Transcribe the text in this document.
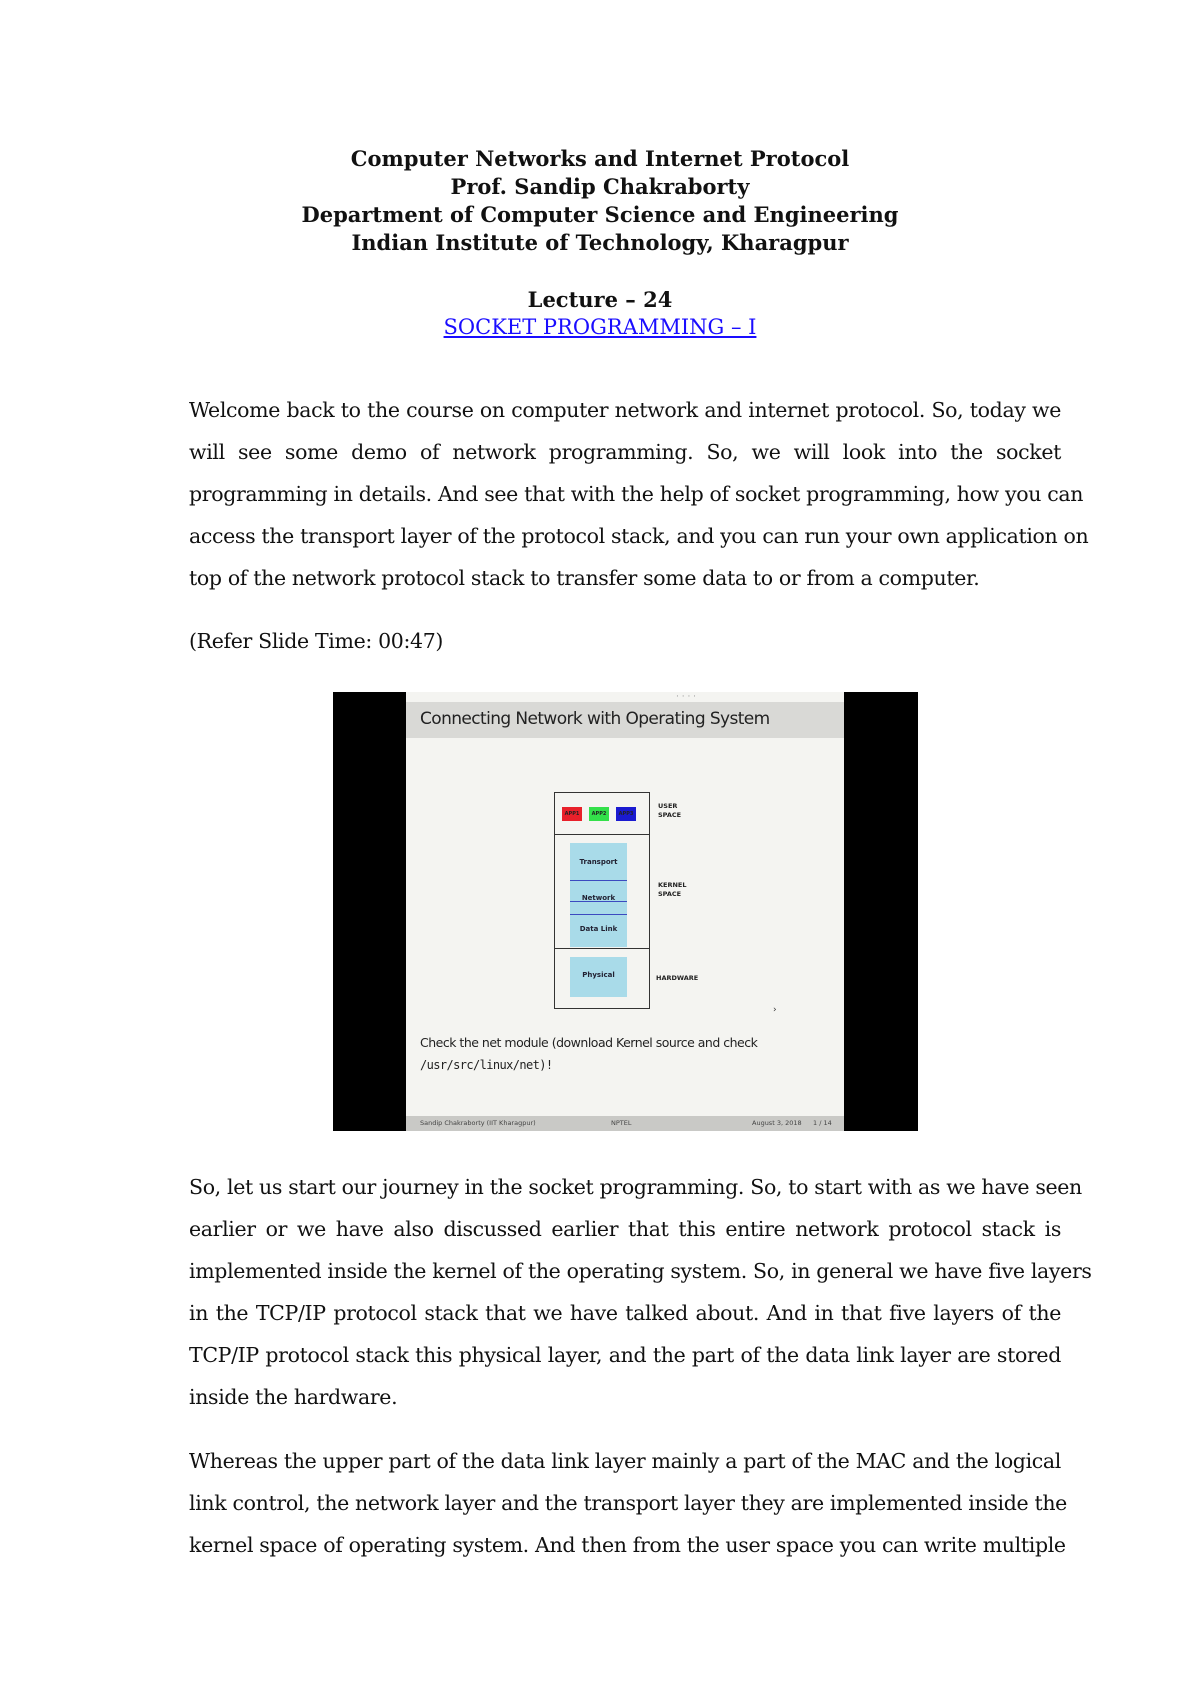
Computer Networks and Internet Protocol
Prof. Sandip Chakraborty
Department of Computer Science and Engineering
Indian Institute of Technology, Kharagpur
Lecture – 24
SOCKET PROGRAMMING – I
Welcome back to the course on computer network and internet protocol. So, today we
will see some demo of network programming. So, we will look into the socket
programming in details. And see that with the help of socket programming, how you can
access the transport layer of the protocol stack, and you can run your own application on
top of the network protocol stack to transfer some data to or from a computer.
(Refer Slide Time: 00:47)
· · · ·
Connecting Network with Operating System
APP1	APP2	APP3
Transport
Network
Data Link
Physical
›
USER
SPACE
KERNEL
SPACE
HARDWARE
Check the net module (download Kernel source and check
/usr/src/linux/net)!
Sandip Chakraborty (IIT Kharagpur)	NPTEL	August 3, 2018 1 / 14
So, let us start our journey in the socket programming. So, to start with as we have seen
earlier or we have also discussed earlier that this entire network protocol stack is
implemented inside the kernel of the operating system. So, in general we have five layers
in the TCP/IP protocol stack that we have talked about. And in that five layers of the
TCP/IP protocol stack this physical layer, and the part of the data link layer are stored
inside the hardware.
Whereas the upper part of the data link layer mainly a part of the MAC and the logical
link control, the network layer and the transport layer they are implemented inside the
kernel space of operating system. And then from the user space you can write multiple
